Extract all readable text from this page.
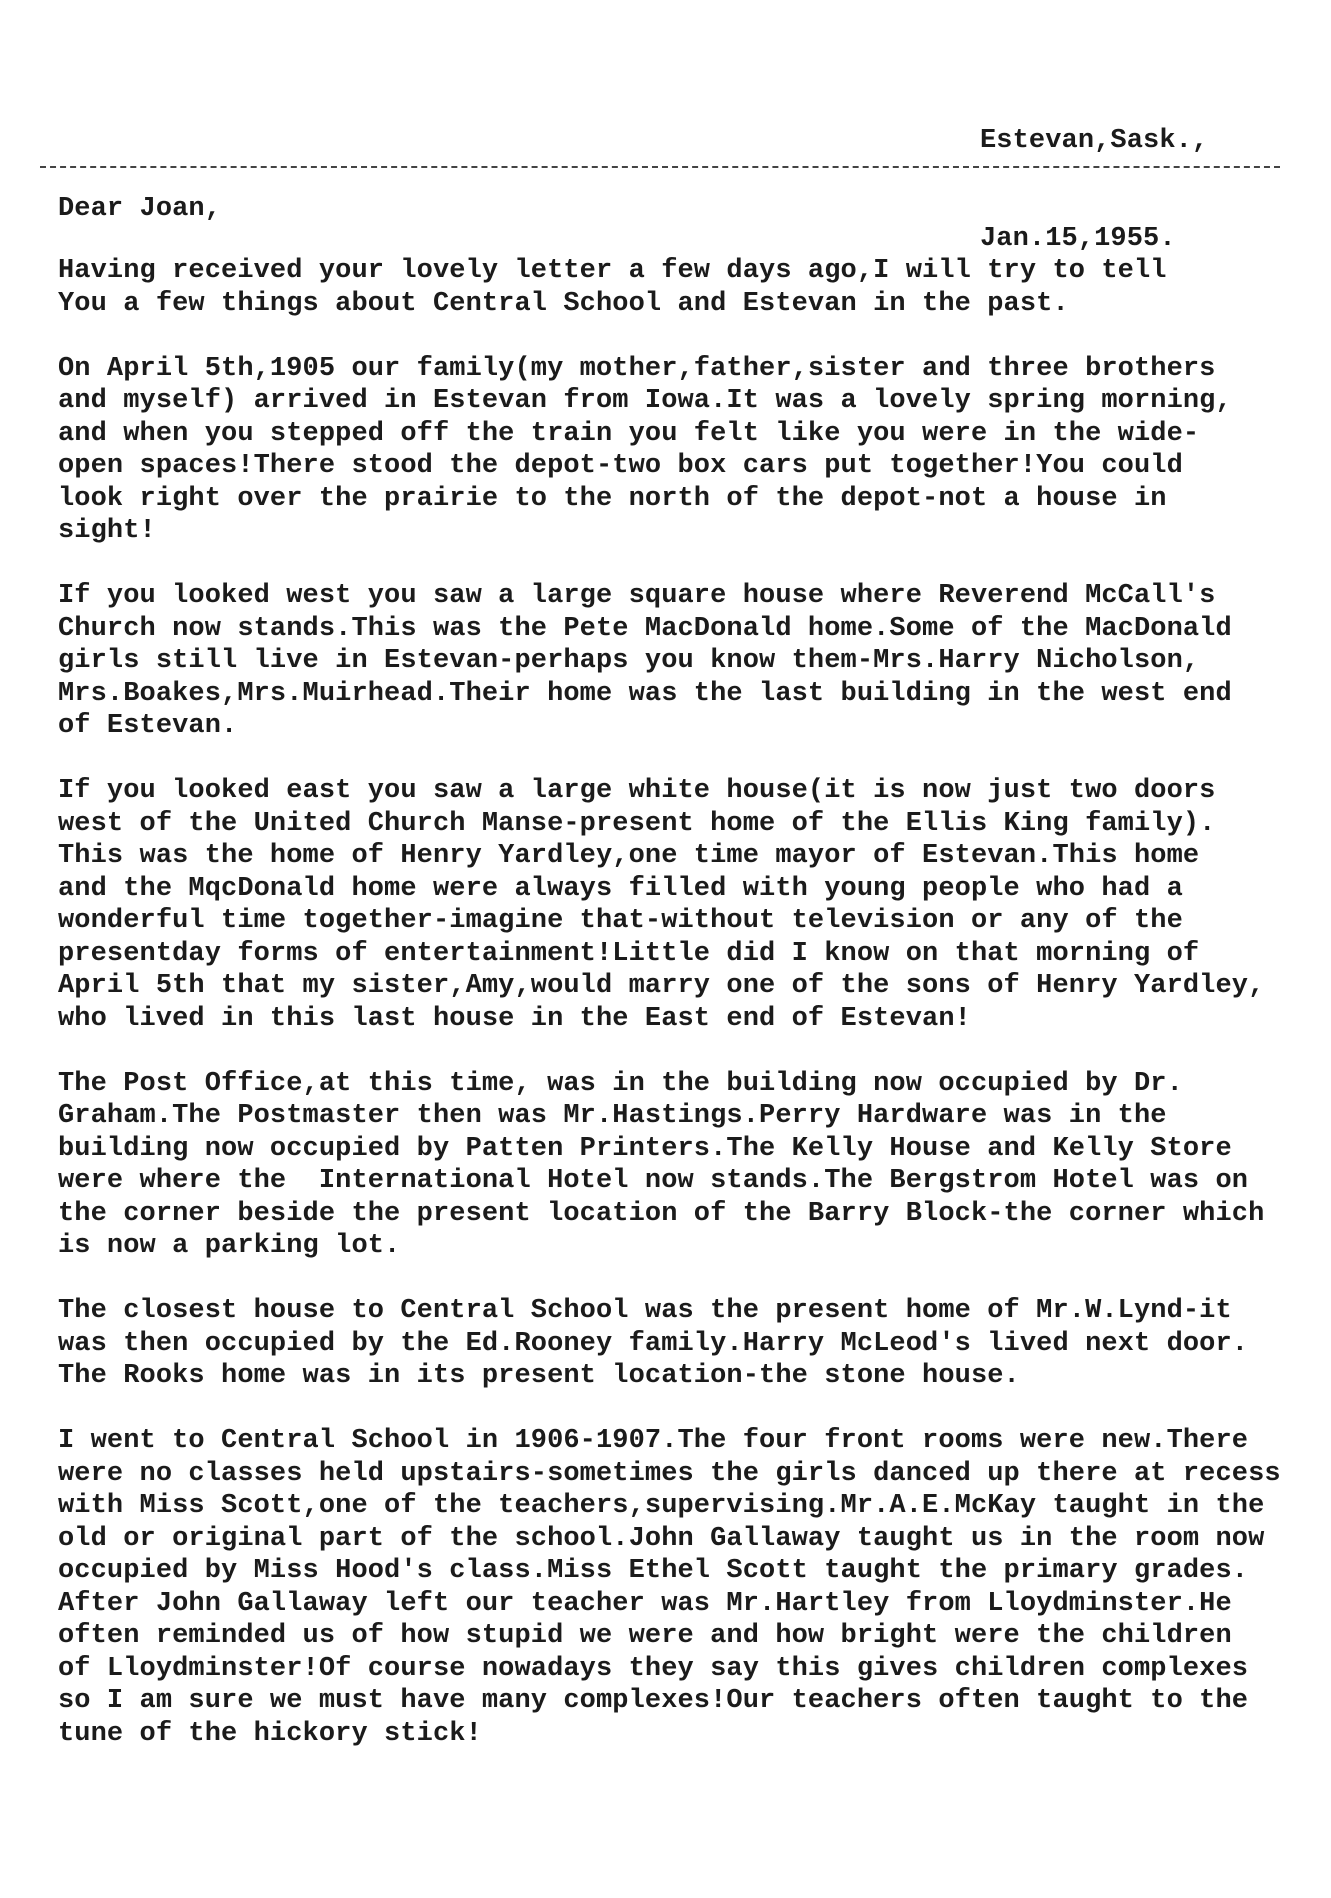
Estevan,Sask.,

Jan.15,1955.

Dear Joan,
Having received your lovely letter a few days ago,I will try to tell
You a few things about Central School and Estevan in the past.
On April 5th,1905 our family(my mother,father,sister and three brothers
and myself) arrived in Estevan from Iowa.It was a lovely spring morning,
and when you stepped off the train you felt like you were in the wide-
open spaces!There stood the depot-two box cars put together!You could
look right over the prairie to the north of the depot-not a house in
sight!
If you looked west you saw a large square house where Reverend McCall's
Church now stands.This was the Pete MacDonald home.Some of the MacDonald
girls still live in Estevan-perhaps you know them-Mrs.Harry Nicholson,
Mrs.Boakes,Mrs.Muirhead.Their home was the last building in the west end
of Estevan.
If you looked east you saw a large white house(it is now just two doors
west of the United Church Manse-present home of the Ellis King family).
This was the home of Henry Yardley,one time mayor of Estevan.This home
and the MqcDonald home were always filled with young people who had a
wonderful time together-imagine that-without television or any of the
presentday forms of entertainment!Little did I know on that morning of
April 5th that my sister,Amy,would marry one of the sons of Henry Yardley,
who lived in this last house in the East end of Estevan!
The Post Office,at this time, was in the building now occupied by Dr.
Graham.The Postmaster then was Mr.Hastings.Perry Hardware was in the
building now occupied by Patten Printers.The Kelly House and Kelly Store
were where the  International Hotel now stands.The Bergstrom Hotel was on
the corner beside the present location of the Barry Block-the corner which
is now a parking lot.
The closest house to Central School was the present home of Mr.W.Lynd-it
was then occupied by the Ed.Rooney family.Harry McLeod's lived next door.
The Rooks home was in its present location-the stone house.
I went to Central School in 1906-1907.The four front rooms were new.There
were no classes held upstairs-sometimes the girls danced up there at recess
with Miss Scott,one of the teachers,supervising.Mr.A.E.McKay taught in the
old or original part of the school.John Gallaway taught us in the room now
occupied by Miss Hood's class.Miss Ethel Scott taught the primary grades.
After John Gallaway left our teacher was Mr.Hartley from Lloydminster.He
often reminded us of how stupid we were and how bright were the children
of Lloydminster!Of course nowadays they say this gives children complexes
so I am sure we must have many complexes!Our teachers often taught to the
tune of the hickory stick!
